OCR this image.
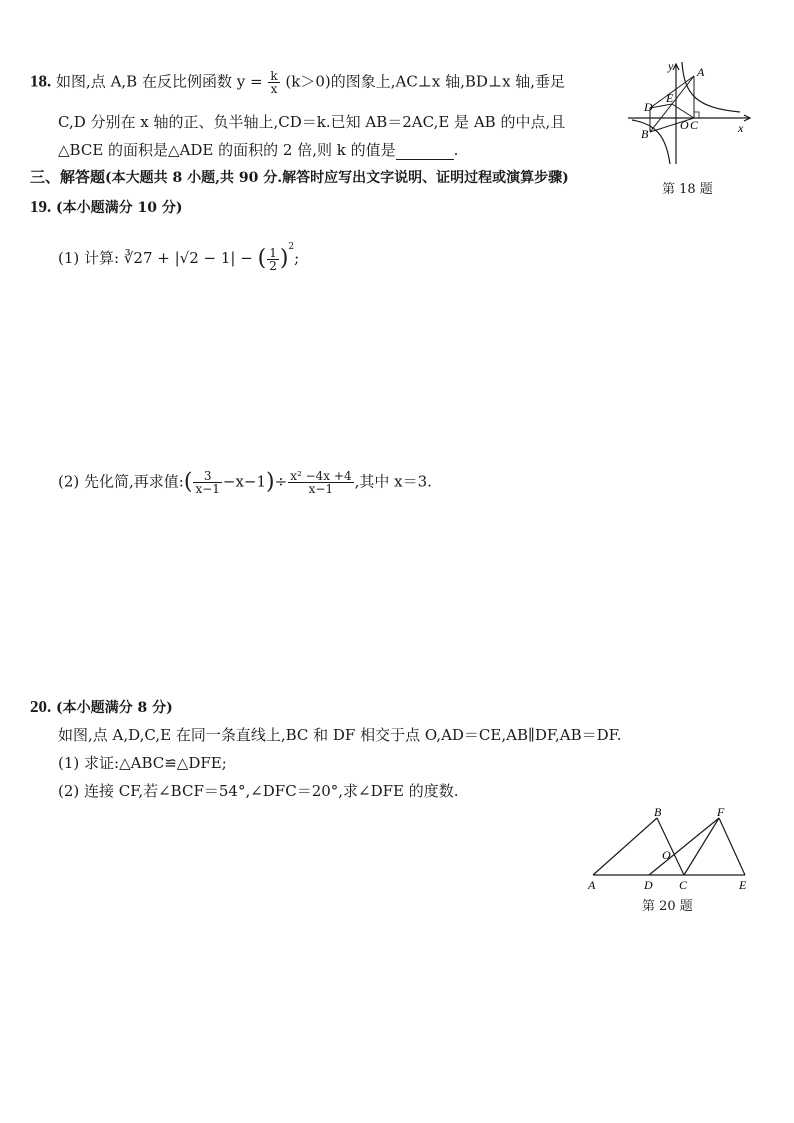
18. 如图,点 A,B 在反比例函数 $y = \frac{k}{x} (k>0)$的图象上,AC⊥x 轴,BD⊥x 轴,垂足
C,D 分别在 x 轴的正、负半轴上,CD＝k.已知 AB＝2AC,E 是 AB 的中点,且
△BCE 的面积是△ADE 的面积的 2 倍,则 k 的值是	.
y
x
A
B
D
E
O C
第 18 题
三、解答题(本大题共 8 小题,共 90 分.解答时应写出文字说明、证明过程或演算步骤)
19. (本小题满分 10 分)
(1) 计算: ∛27 + |√2 − 1| − ( $\frac{1}{2} )^2$;
(2) 先化简,再求值:( $\frac{3}{x-1} -x-1)\div \frac{\text{x² −4x +4}}{x-1}$ ,其中 x＝3.
20. (本小题满分 8 分)
如图,点 A,D,C,E 在同一条直线上,BC 和 DF 相交于点 O,AD＝CE,AB∥DF,AB＝DF.
(1) 求证:△ABC≌△DFE;
(2) 连接 CF,若∠BCF＝54°,∠DFC＝20°,求∠DFE 的度数.
A
B
C
D	E
F
O
第 20 题
